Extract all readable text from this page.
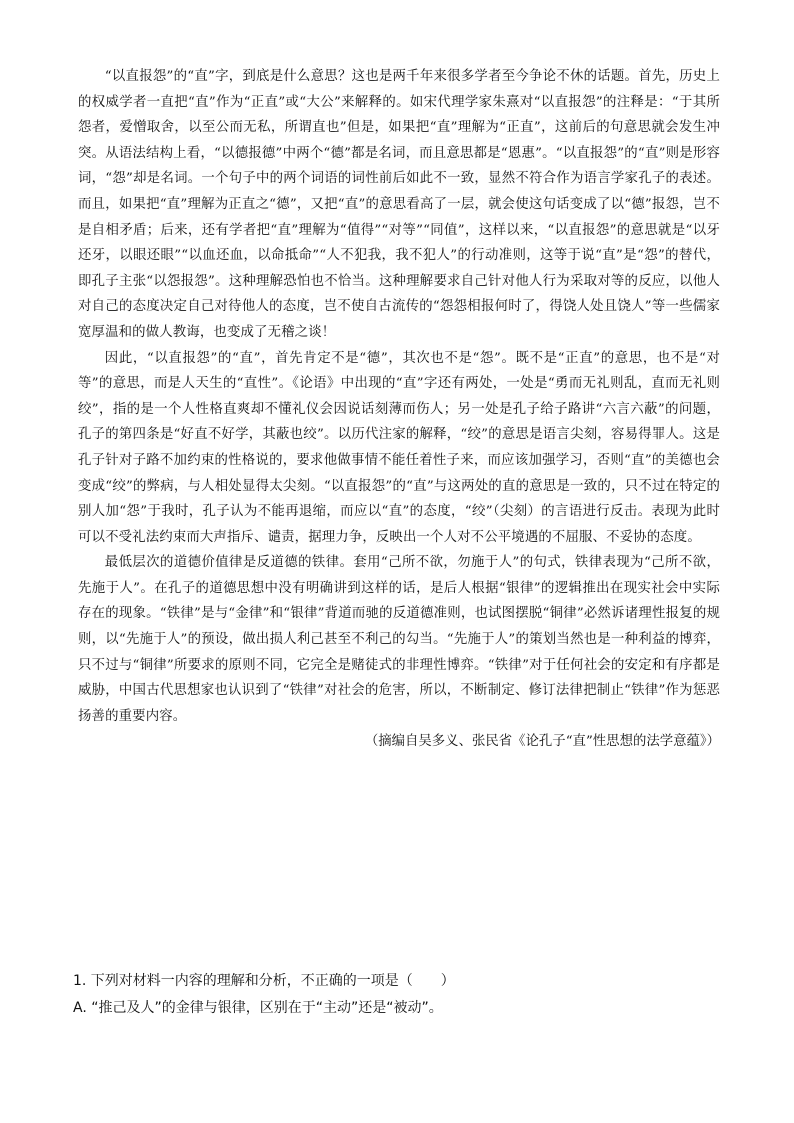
“以直报怨”的“直”字，到底是什么意思？这也是两千年来很多学者至今争论不休的话题。首先，历史上的权威学者一直把“直”作为“正直”或“大公”来解释的。如宋代理学家朱熹对“以直报怨”的注释是：“于其所怨者，爱憎取舍，以至公而无私，所谓直也”但是，如果把“直”理解为“正直”，这前后的句意思就会发生冲突。从语法结构上看，“以德报德”中两个“德”都是名词，而且意思都是“恩惠”。“以直报怨”的“直”则是形容词，“怨”却是名词。一个句子中的两个词语的词性前后如此不一致，显然不符合作为语言学家孔子的表述。而且，如果把“直”理解为正直之“德”，又把“直”的意思看高了一层，就会使这句话变成了以“德”报怨，岂不是自相矛盾；后来，还有学者把“直”理解为“值得”“对等”“同值”，这样以来，“以直报怨”的意思就是“以牙还牙，以眼还眼”“以血还血，以命抵命”“人不犯我，我不犯人”的行动准则，这等于说“直”是“怨”的替代，即孔子主张“以怨报怨”。这种理解恐怕也不恰当。这种理解要求自己针对他人行为采取对等的反应，以他人对自己的态度决定自己对待他人的态度，岂不使自古流传的“怨怨相报何时了，得饶人处且饶人”等一些儒家宽厚温和的做人教诲，也变成了无稽之谈！

因此，“以直报怨”的“直”，首先肯定不是“德”，其次也不是“怨”。既不是“正直”的意思，也不是“对等”的意思，而是人天生的“直性”。《论语》中出现的“直”字还有两处，一处是“勇而无礼则乱，直而无礼则绞”，指的是一个人性格直爽却不懂礼仪会因说话刻薄而伤人；另一处是孔子给子路讲“六言六蔽”的问题，孔子的第四条是“好直不好学，其蔽也绞”。以历代注家的解释，“绞”的意思是语言尖刻，容易得罪人。这是孔子针对子路不加约束的性格说的，要求他做事情不能任着性子来，而应该加强学习，否则“直”的美德也会变成“绞”的弊病，与人相处显得太尖刻。“以直报怨”的“直”与这两处的直的意思是一致的，只不过在特定的别人加“怨”于我时，孔子认为不能再退缩，而应以“直”的态度，“绞”（尖刻）的言语进行反击。表现为此时可以不受礼法约束而大声指斥、谴责，据理力争，反映出一个人对不公平境遇的不屈服、不妥协的态度。

最低层次的道德价值律是反道德的铁律。套用“己所不欲，勿施于人”的句式，铁律表现为“己所不欲，先施于人”。在孔子的道德思想中没有明确讲到这样的话，是后人根据“银律”的逻辑推出在现实社会中实际存在的现象。“铁律”是与“金律”和“银律”背道而驰的反道德准则，也试图摆脱“铜律”必然诉诸理性报复的规则，以“先施于人”的预设，做出损人利己甚至不利己的勾当。“先施于人”的策划当然也是一种利益的博弈，只不过与“铜律”所要求的原则不同，它完全是赌徒式的非理性博弈。“铁律”对于任何社会的安定和有序都是威胁，中国古代思想家也认识到了“铁律”对社会的危害，所以，不断制定、修订法律把制止“铁律”作为惩恶扬善的重要内容。

（摘编自吴多义、张民省《论孔子“直”性思想的法学意蕴》）

1. 下列对材料一内容的理解和分析，不正确的一项是（　　）

A. “推己及人”的金律与银律，区别在于“主动”还是“被动”。
